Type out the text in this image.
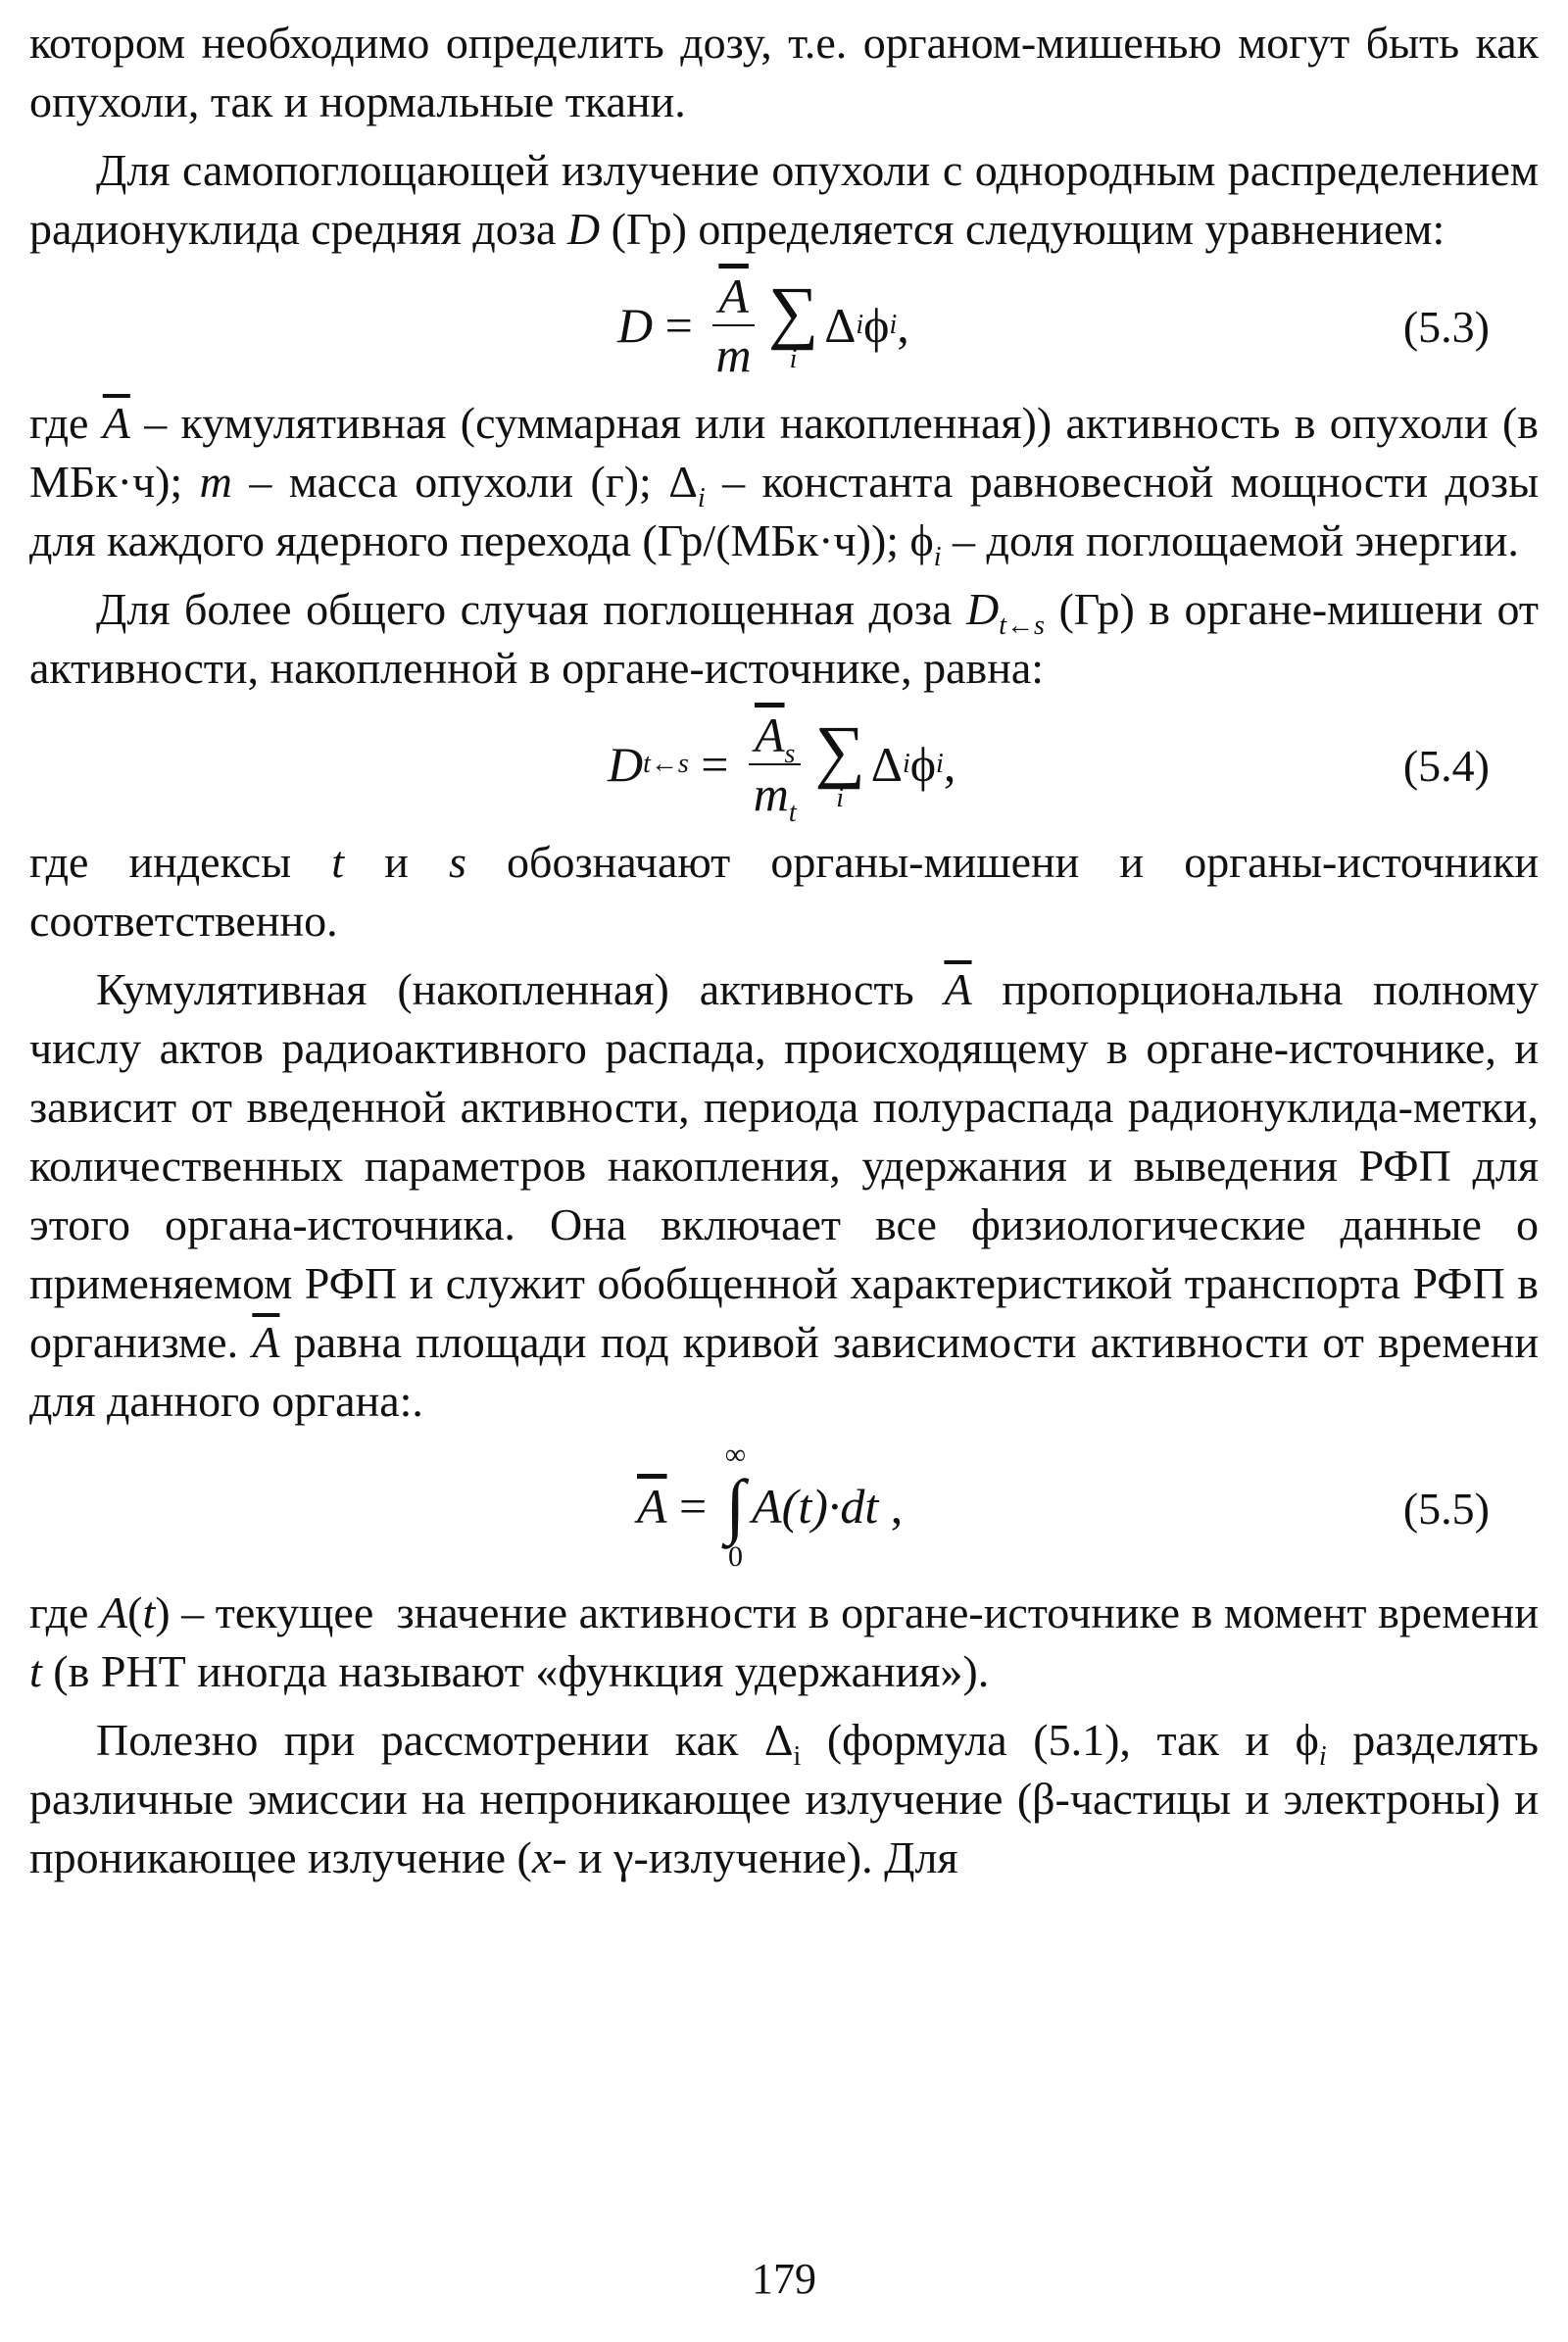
котором необходимо определить дозу, т.е. органом-мишенью могут быть как опухоли, так и нормальные ткани.

Для самопоглощающей излучение опухоли с однородным распределением радионуклида средняя доза D (Гр) определяется следующим уравнением:

$D = \frac{\overline{A}}{m}$ ∑
i
Δ i ϕ i ,	(5.3)

где $\overline{A}$ – кумулятивная (суммарная или накопленная)) активность в опухоли (в МБк·ч); m – масса опухоли (г); $\Delta_i$ – константа равновесной мощности дозы для каждого ядерного перехода (Гр/(МБк·ч)); $\phi_i$ – доля поглощаемой энергии.

Для более общего случая поглощенная доза $D_{t\leftarrow s}$ (Гр) в органе-мишени от активности, накопленной в органе-источнике, равна:

D t←s = $\frac{\overline{A}_s}{m_t}$ ∑
i
Δ i ϕ i ,	(5.4)

где индексы t и s обозначают органы-мишени и органы-источники соответственно.

Кумулятивная (накопленная) активность $\overline{A}$ пропорциональна полному числу актов радиоактивного распада, происходящему в органе-источнике, и зависит от введенной активности, периода полураспада радионуклида-метки, количественных параметров накопления, удержания и выведения РФП для этого органа-источника. Она включает все физиологические данные о применяемом РФП и служит обобщенной характеристикой транспорта РФП в организме. $\overline{A}$ равна площади под кривой зависимости активности от времени для данного органа:.

$\overline{A}$ =
∞
∫
0
A(t)·dt
,	(5.5)

где A(t) – текущее  значение активности в органе-источнике в момент времени t (в РНТ иногда называют «функция удержания»).

Полезно при рассмотрении как $\Delta_i$ (формула (5.1), так и $\phi_i$ разделять различные эмиссии на непроникающее излучение (β-частицы и электроны) и проникающее излучение (x- и γ-излучение). Для

179
